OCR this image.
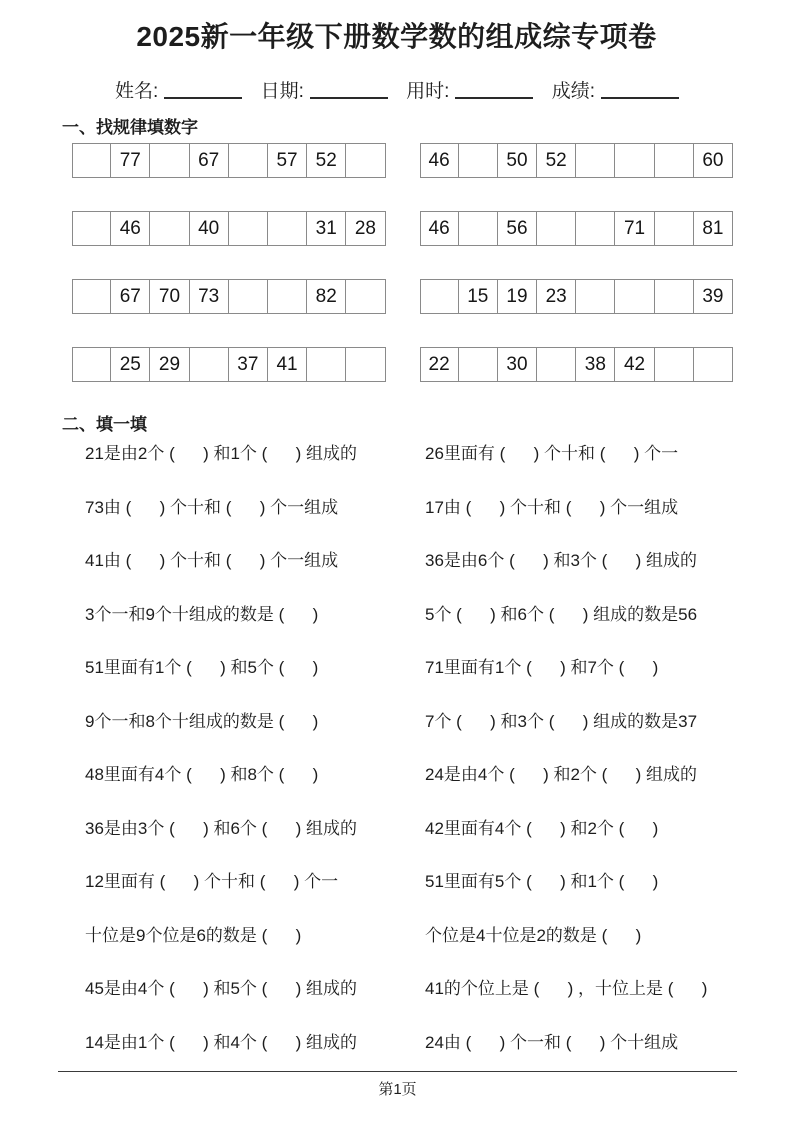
2025新一年级下册数学数的组成综专项卷
姓名:	日期:	用时:	成绩:
一、找规律填数字
77	67	57 52	46	50 52	60
46	40	31 28	46	56	71	81
67 70 73	82	15 19 23	39
25 29	37 41	22	30	38 42
二、填一填
21是由2个 (      ) 和1个 (      ) 组成的	26里面有 (      ) 个十和 (      ) 个一
73由 (      ) 个十和 (      ) 个一组成	17由 (      ) 个十和 (      ) 个一组成
41由 (      ) 个十和 (      ) 个一组成	36是由6个 (      ) 和3个 (      ) 组成的
3个一和9个十组成的数是 (      )	5个 (      ) 和6个 (      ) 组成的数是56
51里面有1个 (      ) 和5个 (      )	71里面有1个 (      ) 和7个 (      )
9个一和8个十组成的数是 (      )	7个 (      ) 和3个 (      ) 组成的数是37
48里面有4个 (      ) 和8个 (      )	24是由4个 (      ) 和2个 (      ) 组成的
36是由3个 (      ) 和6个 (      ) 组成的	42里面有4个 (      ) 和2个 (      )
12里面有 (      ) 个十和 (      ) 个一	51里面有5个 (      ) 和1个 (      )
十位是9个位是6的数是 (      )	个位是4十位是2的数是 (      )
45是由4个 (      ) 和5个 (      ) 组成的	41的个位上是 (      ) ，十位上是 (      )
14是由1个 (      ) 和4个 (      ) 组成的	24由 (      ) 个一和 (      ) 个十组成
第1页
